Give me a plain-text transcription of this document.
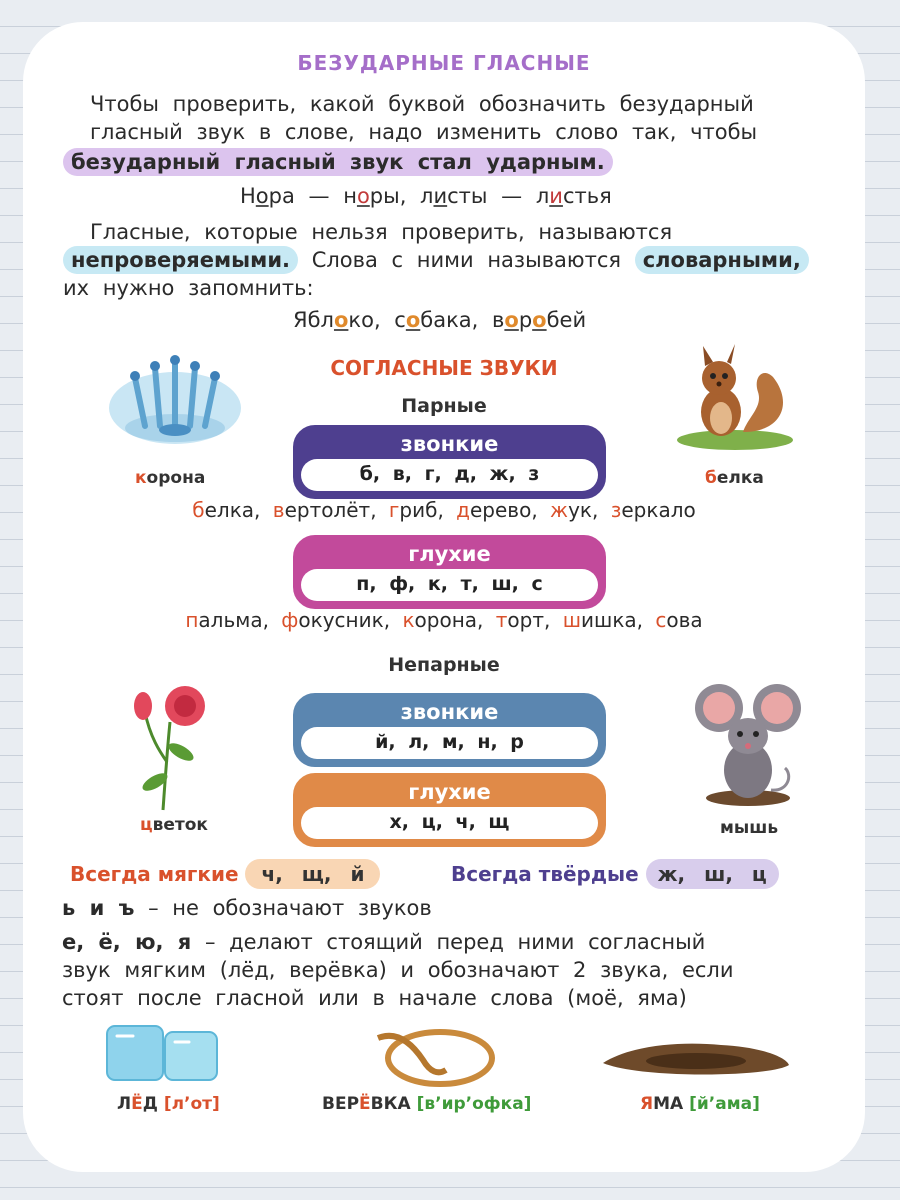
БЕЗУДАРНЫЕ ГЛАСНЫЕ
Чтобы проверить, какой буквой обозначить безударный
гласный звук в слове, надо изменить слово так, чтобы
безударный гласный звук стал ударным.
Нора — норы, листы — листья
Гласные, которые нельзя проверить, называются
непроверяемыми. Слова с ними называются словарными,
их нужно запомнить:
Яблоко, собака, воробей
СОГЛАСНЫЕ ЗВУКИ
Парные
корона	белка
звонкие
б, в, г, д, ж, з
белка, вертолёт, гриб, дерево, жук, зеркало
глухие
п, ф, к, т, ш, с
пальма, фокусник, корона, торт, шишка, сова
Непарные
цветок	мышь
звонкие
й, л, м, н, р
глухие
х, ц, ч, щ
Всегда мягкие ч, щ, й	Всегда твёрдые ж, ш, ц
ь и ъ – не обозначают звуков
е, ё, ю, я – делают стоящий перед ними согласный
звук мягким (лёд, верёвка) и обозначают 2 звука, если
стоят после гласной или в начале слова (моё, яма)
ЛЁД [л’от]	ВЕРЁВКА [в’ир’офка]	ЯМА [й’ама]
